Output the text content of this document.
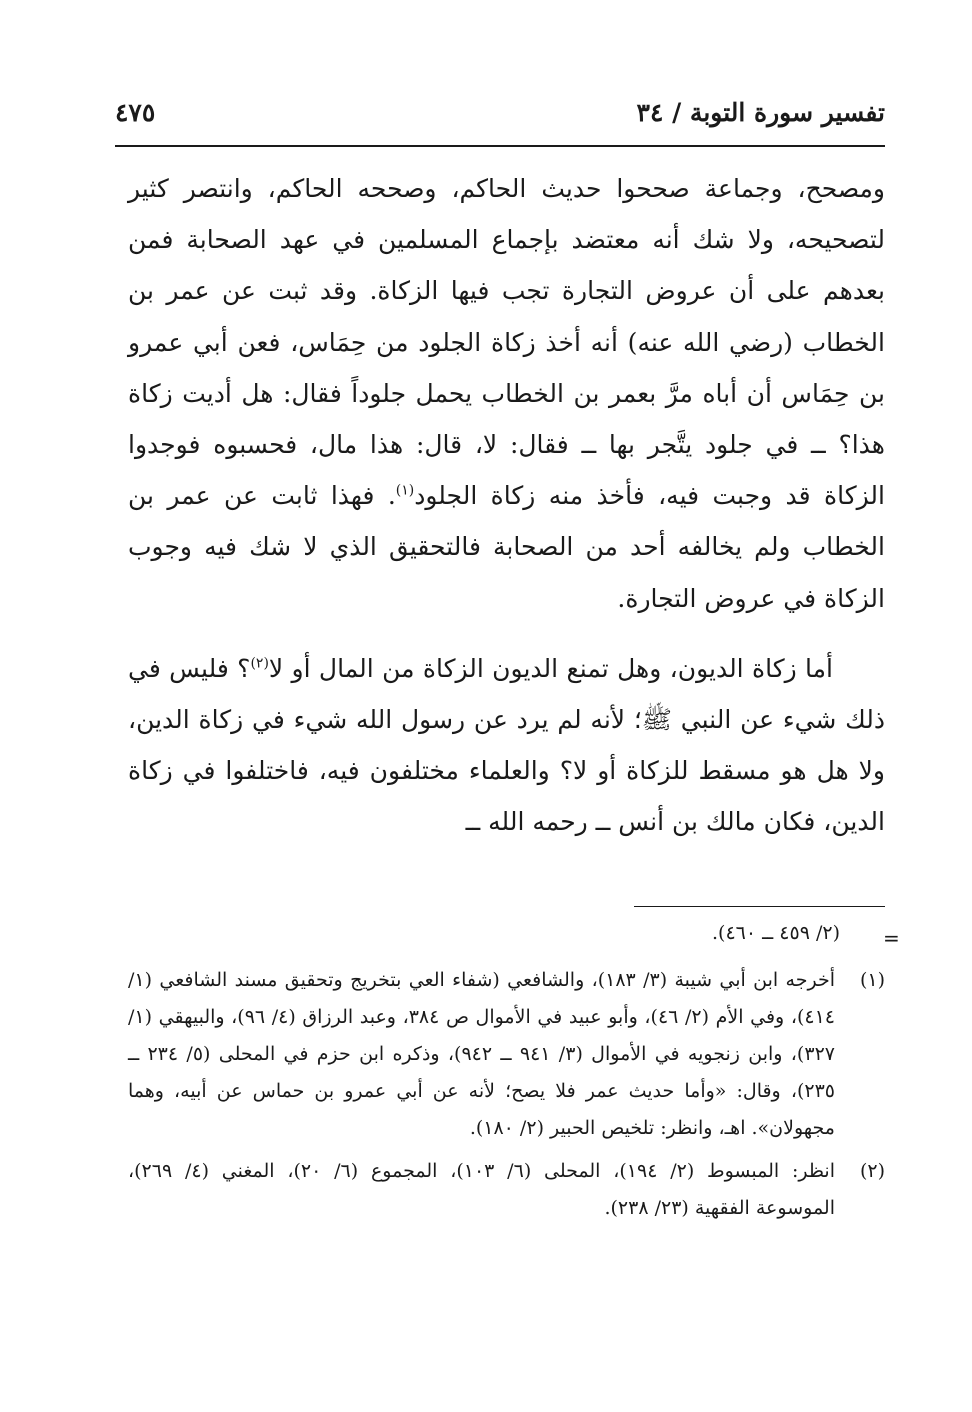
تفسير سورة التوبة / ٣٤
٤٧٥

ومصحح، وجماعة صححوا حديث الحاكم، وصححه الحاكم، وانتصر كثير لتصحيحه، ولا شك أنه معتضد بإجماع المسلمين في عهد الصحابة فمن بعدهم على أن عروض التجارة تجب فيها الزكاة. وقد ثبت عن عمر بن الخطاب (رضي الله عنه) أنه أخذ زكاة الجلود من حِمَاس، فعن أبي عمرو بن حِمَاس أن أباه مرَّ بعمر بن الخطاب يحمل جلوداً فقال: هل أديت زكاة هذا؟ ــ في جلود يتَّجر بها ــ فقال: لا، قال: هذا مال، فحسبوه فوجدوا الزكاة قد وجبت فيه، فأخذ منه زكاة الجلود$^{(١)}$. فهذا ثابت عن عمر بن الخطاب ولم يخالفه أحد من الصحابة فالتحقيق الذي لا شك فيه وجوب الزكاة في عروض التجارة.

أما زكاة الديون، وهل تمنع الديون الزكاة من المال أو لا$^{(٢)}$؟ فليس في ذلك شيء عن النبي ﷺ؛ لأنه لم يرد عن رسول الله شيء في زكاة الدين، ولا هل هو مسقط للزكاة أو لا؟ والعلماء مختلفون فيه، فاختلفوا في زكاة الدين، فكان مالك بن أنس ــ رحمه الله ــ

=
(٢/ ٤٥٩ ــ ٤٦٠).
(١)
أخرجه ابن أبي شيبة (٣/ ١٨٣)، والشافعي (شفاء العي بتخريج وتحقيق مسند الشافعي (١/ ٤١٤)، وفي الأم (٢/ ٤٦)، وأبو عبيد في الأموال ص ٣٨٤، وعبد الرزاق (٤/ ٩٦)، والبيهقي (١/ ٣٢٧)، وابن زنجويه في الأموال (٣/ ٩٤١ ــ ٩٤٢)، وذكره ابن حزم في المحلى (٥/ ٢٣٤ ــ ٢٣٥)، وقال: «وأما حديث عمر فلا يصح؛ لأنه عن أبي عمرو بن حماس عن أبيه، وهما مجهولان». اهـ، وانظر: تلخيص الحبير (٢/ ١٨٠).
(٢)
انظر: المبسوط (٢/ ١٩٤)، المحلى (٦/ ١٠٣)، المجموع (٦/ ٢٠)، المغني (٤/ ٢٦٩)، الموسوعة الفقهية (٢٣/ ٢٣٨).
